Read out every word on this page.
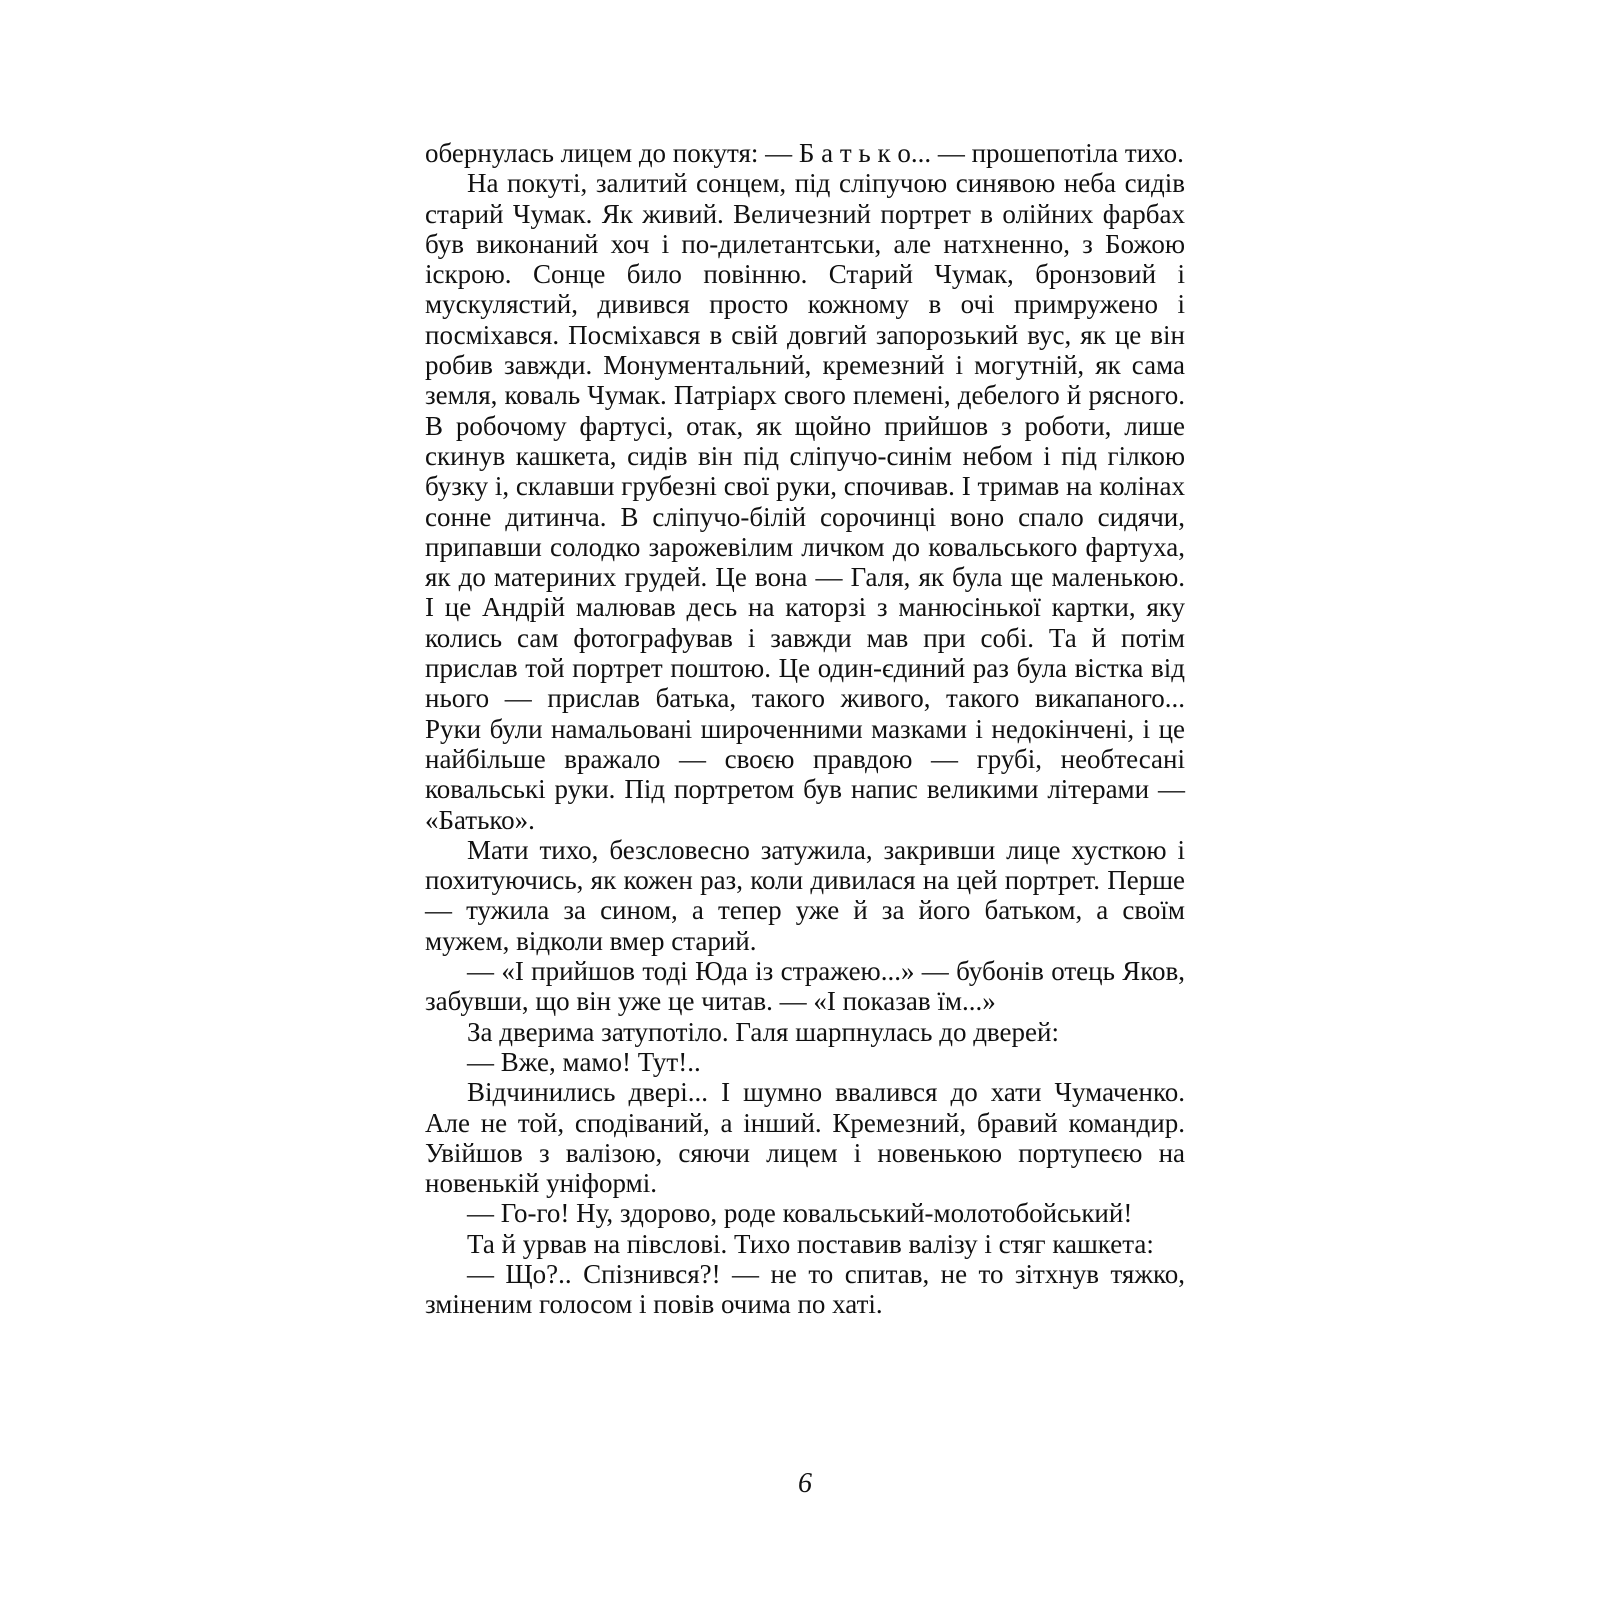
обернулась лицем до покутя: — Б а т ь к о... — прошепотіла тихо.

На покуті, залитий сонцем, під сліпучою синявою неба сидів старий Чумак. Як живий. Величезний портрет в олійних фарбах був виконаний хоч і по-дилетантськи, але натхненно, з Божою іскрою. Сонце било повінню. Старий Чумак, бронзовий і мускулястий, дивився просто кожному в очі примружено і посміхався. Посміхався в свій довгий запорозький вус, як це він робив завжди. Монументальний, кремезний і могутній, як сама земля, коваль Чумак. Патріарх свого племені, дебелого й рясного. В робочому фартусі, отак, як щойно прийшов з роботи, лише скинув кашкета, сидів він під сліпучо-синім небом і під гілкою бузку і, склавши грубезні свої руки, спочивав. І тримав на колінах сонне дитинча. В сліпучо-білій сорочинці воно спало сидячи, припавши солодко зарожевілим личком до ковальського фартуха, як до материних грудей. Це вона — Галя, як була ще маленькою. І це Андрій малював десь на каторзі з манюсінької картки, яку колись сам фотографував і завжди мав при собі. Та й потім прислав той портрет поштою. Це один-єдиний раз була вістка від нього — прислав батька, такого живого, такого викапаного... Руки були намальовані широченними мазками і недокінчені, і це найбільше вражало — своєю правдою — грубі, необтесані ковальські руки. Під портретом був напис великими літерами — «Батько».

Мати тихо, безсловесно затужила, закривши лице хусткою і похитуючись, як кожен раз, коли дивилася на цей портрет. Перше — тужила за сином, а тепер уже й за його батьком, а своїм мужем, відколи вмер старий.

— «І прийшов тоді Юда із стражею...» — бубонів отець Яков, забувши, що він уже це читав. — «І показав їм...»

За дверима затупотіло. Галя шарпнулась до дверей:

— Вже, мамо! Тут!..

Відчинились двері... І шумно ввалився до хати Чумаченко. Але не той, сподіваний, а інший. Кремезний, бравий командир. Увійшов з валізою, сяючи лицем і новенькою портупеєю на новенькій уніформі.

— Го-го! Ну, здорово, роде ковальський-молотобойський!

Та й урвав на півслові. Тихо поставив валізу і стяг кашкета:

— Що?.. Спізнився?! — не то спитав, не то зітхнув тяжко, зміненим голосом і повів очима по хаті.

6
